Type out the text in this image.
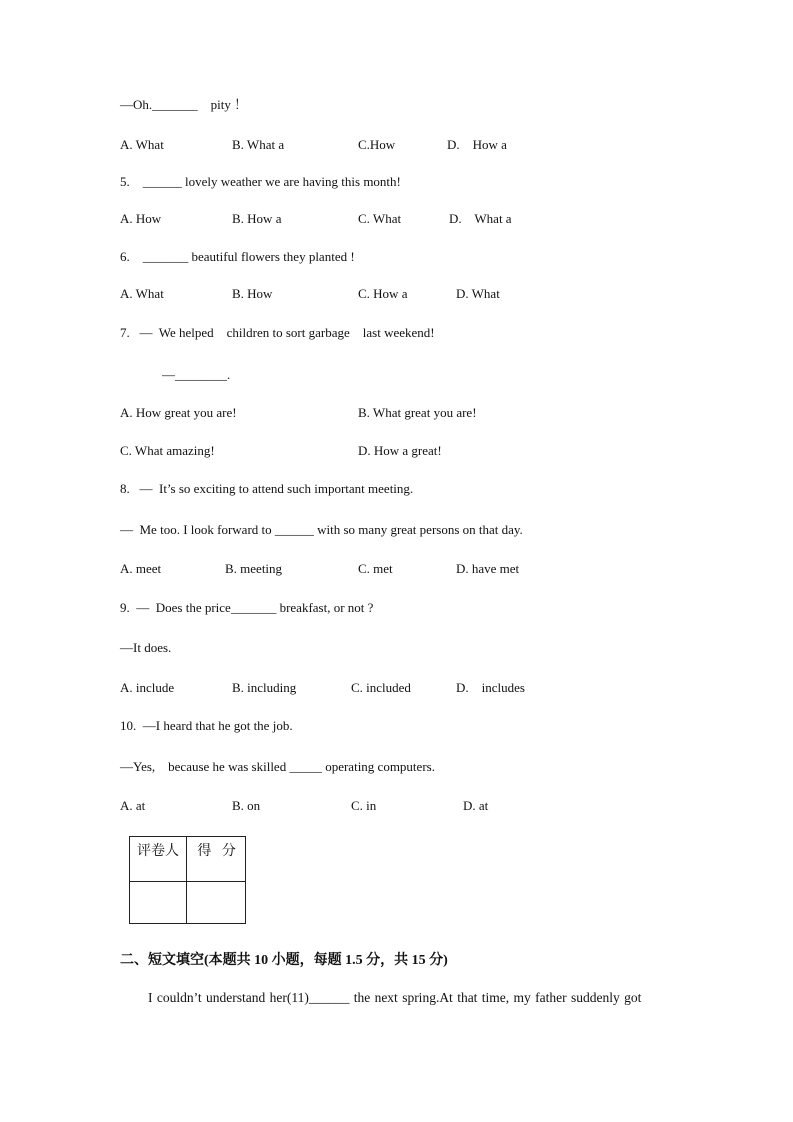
—Oh._______    pity ！
A. What	B. What a	C.How	D.    How a
5.    ______ lovely weather we are having this month!
A. How	B. How a	C. What	D.    What a
6.    _______ beautiful flowers they planted !
A. What	B. How	C. How a	D. What
7.   —  We helped    children to sort garbage    last weekend!
—________.
A. How great you are!	B. What great you are!
C. What amazing!	D. How a great!
8.   —  It’s so exciting to attend such important meeting.
—  Me too. I look forward to ______ with so many great persons on that day.
A. meet	B. meeting	C. met	D. have met
9.  —  Does the price_______ breakfast, or not ?
—It does.
A. include	B. including	C. included	D.    includes
10.  —I heard that he got the job.
—Yes,    because he was skilled _____ operating computers.
A. at	B. on	C. in	D. at
评卷人	得   分

二、短文填空(本题共 10 小题，每题 1.5 分，共 15 分)
I couldn’t understand her(11)______ the next spring.At that time, my father suddenly got
